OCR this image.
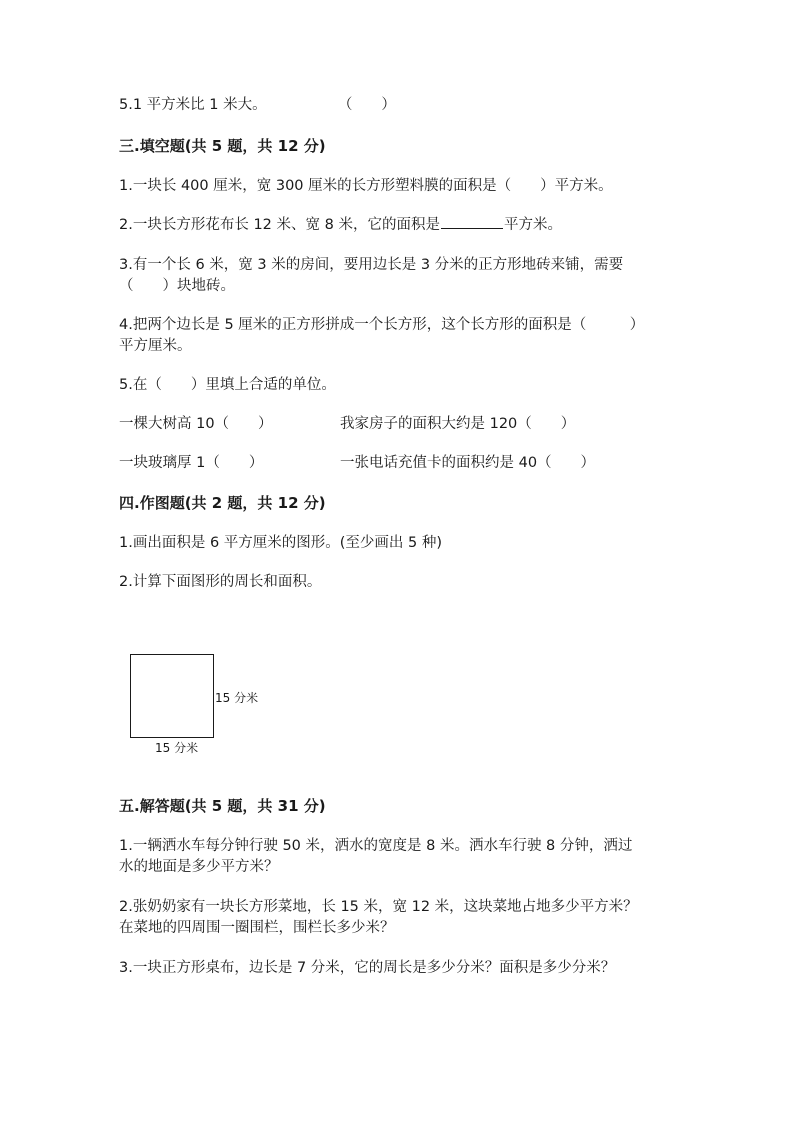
5.1 平方米比 1 米大。	（　　）
三.填空题(共 5 题，共 12 分)
1.一块长 400 厘米，宽 300 厘米的长方形塑料膜的面积是（　　）平方米。
2.一块长方形花布长 12 米、宽 8 米，它的面积是	平方米。
3.有一个长 6 米，宽 3 米的房间，要用边长是 3 分米的正方形地砖来铺，需要
（　　）块地砖。
4.把两个边长是 5 厘米的正方形拼成一个长方形，这个长方形的面积是（　　　）
平方厘米。
5.在（　　）里填上合适的单位。
一棵大树高 10（　　）	我家房子的面积大约是 120（　　）
一块玻璃厚 1（　　）	一张电话充值卡的面积约是 40（　　）
四.作图题(共 2 题，共 12 分)
1.画出面积是 6 平方厘米的图形。(至少画出 5 种)
2.计算下面图形的周长和面积。
15 分米
15 分米
五.解答题(共 5 题，共 31 分)
1.一辆洒水车每分钟行驶 50 米，洒水的宽度是 8 米。洒水车行驶 8 分钟，洒过
水的地面是多少平方米？
2.张奶奶家有一块长方形菜地，长 15 米，宽 12 米，这块菜地占地多少平方米？
在菜地的四周围一圈围栏，围栏长多少米？
3.一块正方形桌布，边长是 7 分米，它的周长是多少分米？面积是多少分米？
